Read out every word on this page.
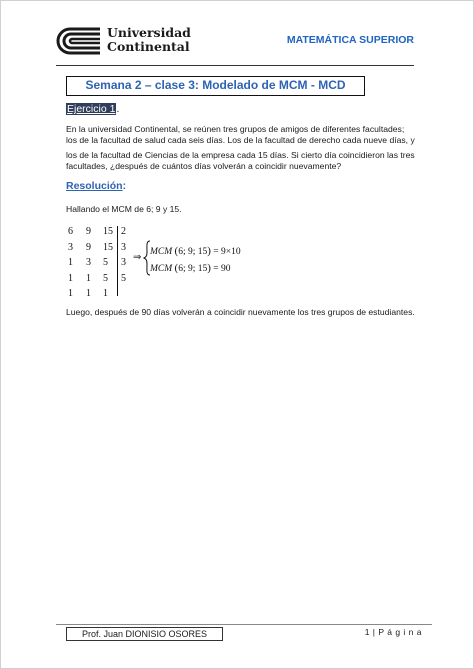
Universidad
Continental	MATEMÁTICA SUPERIOR
Semana 2 – clase 3: Modelado de MCM - MCD
Ejercicio 1.
En la universidad Continental, se reúnen tres grupos de amigos de diferentes facultades;
los de la facultad de salud cada seis días. Los de la facultad de derecho cada nueve días, y
los de la facultad de Ciencias de la empresa cada 15 días. Si cierto día coincidieron las tres
facultades, ¿después de cuántos días volverán a coincidir nuevamente?
Resolución:
Hallando el MCM de 6; 9 y 15.
6 9 15 2
3 9 15 3
1 3 5 3
1 1 5 5
1 1 1
⇒ MCM (6; 9; 15) = 9×10
MCM (6; 9; 15) = 90
Luego, después de 90 días volverán a coincidir nuevamente los tres grupos de estudiantes.
Prof. Juan DIONISIO OSORES	1 | P á g i n a
